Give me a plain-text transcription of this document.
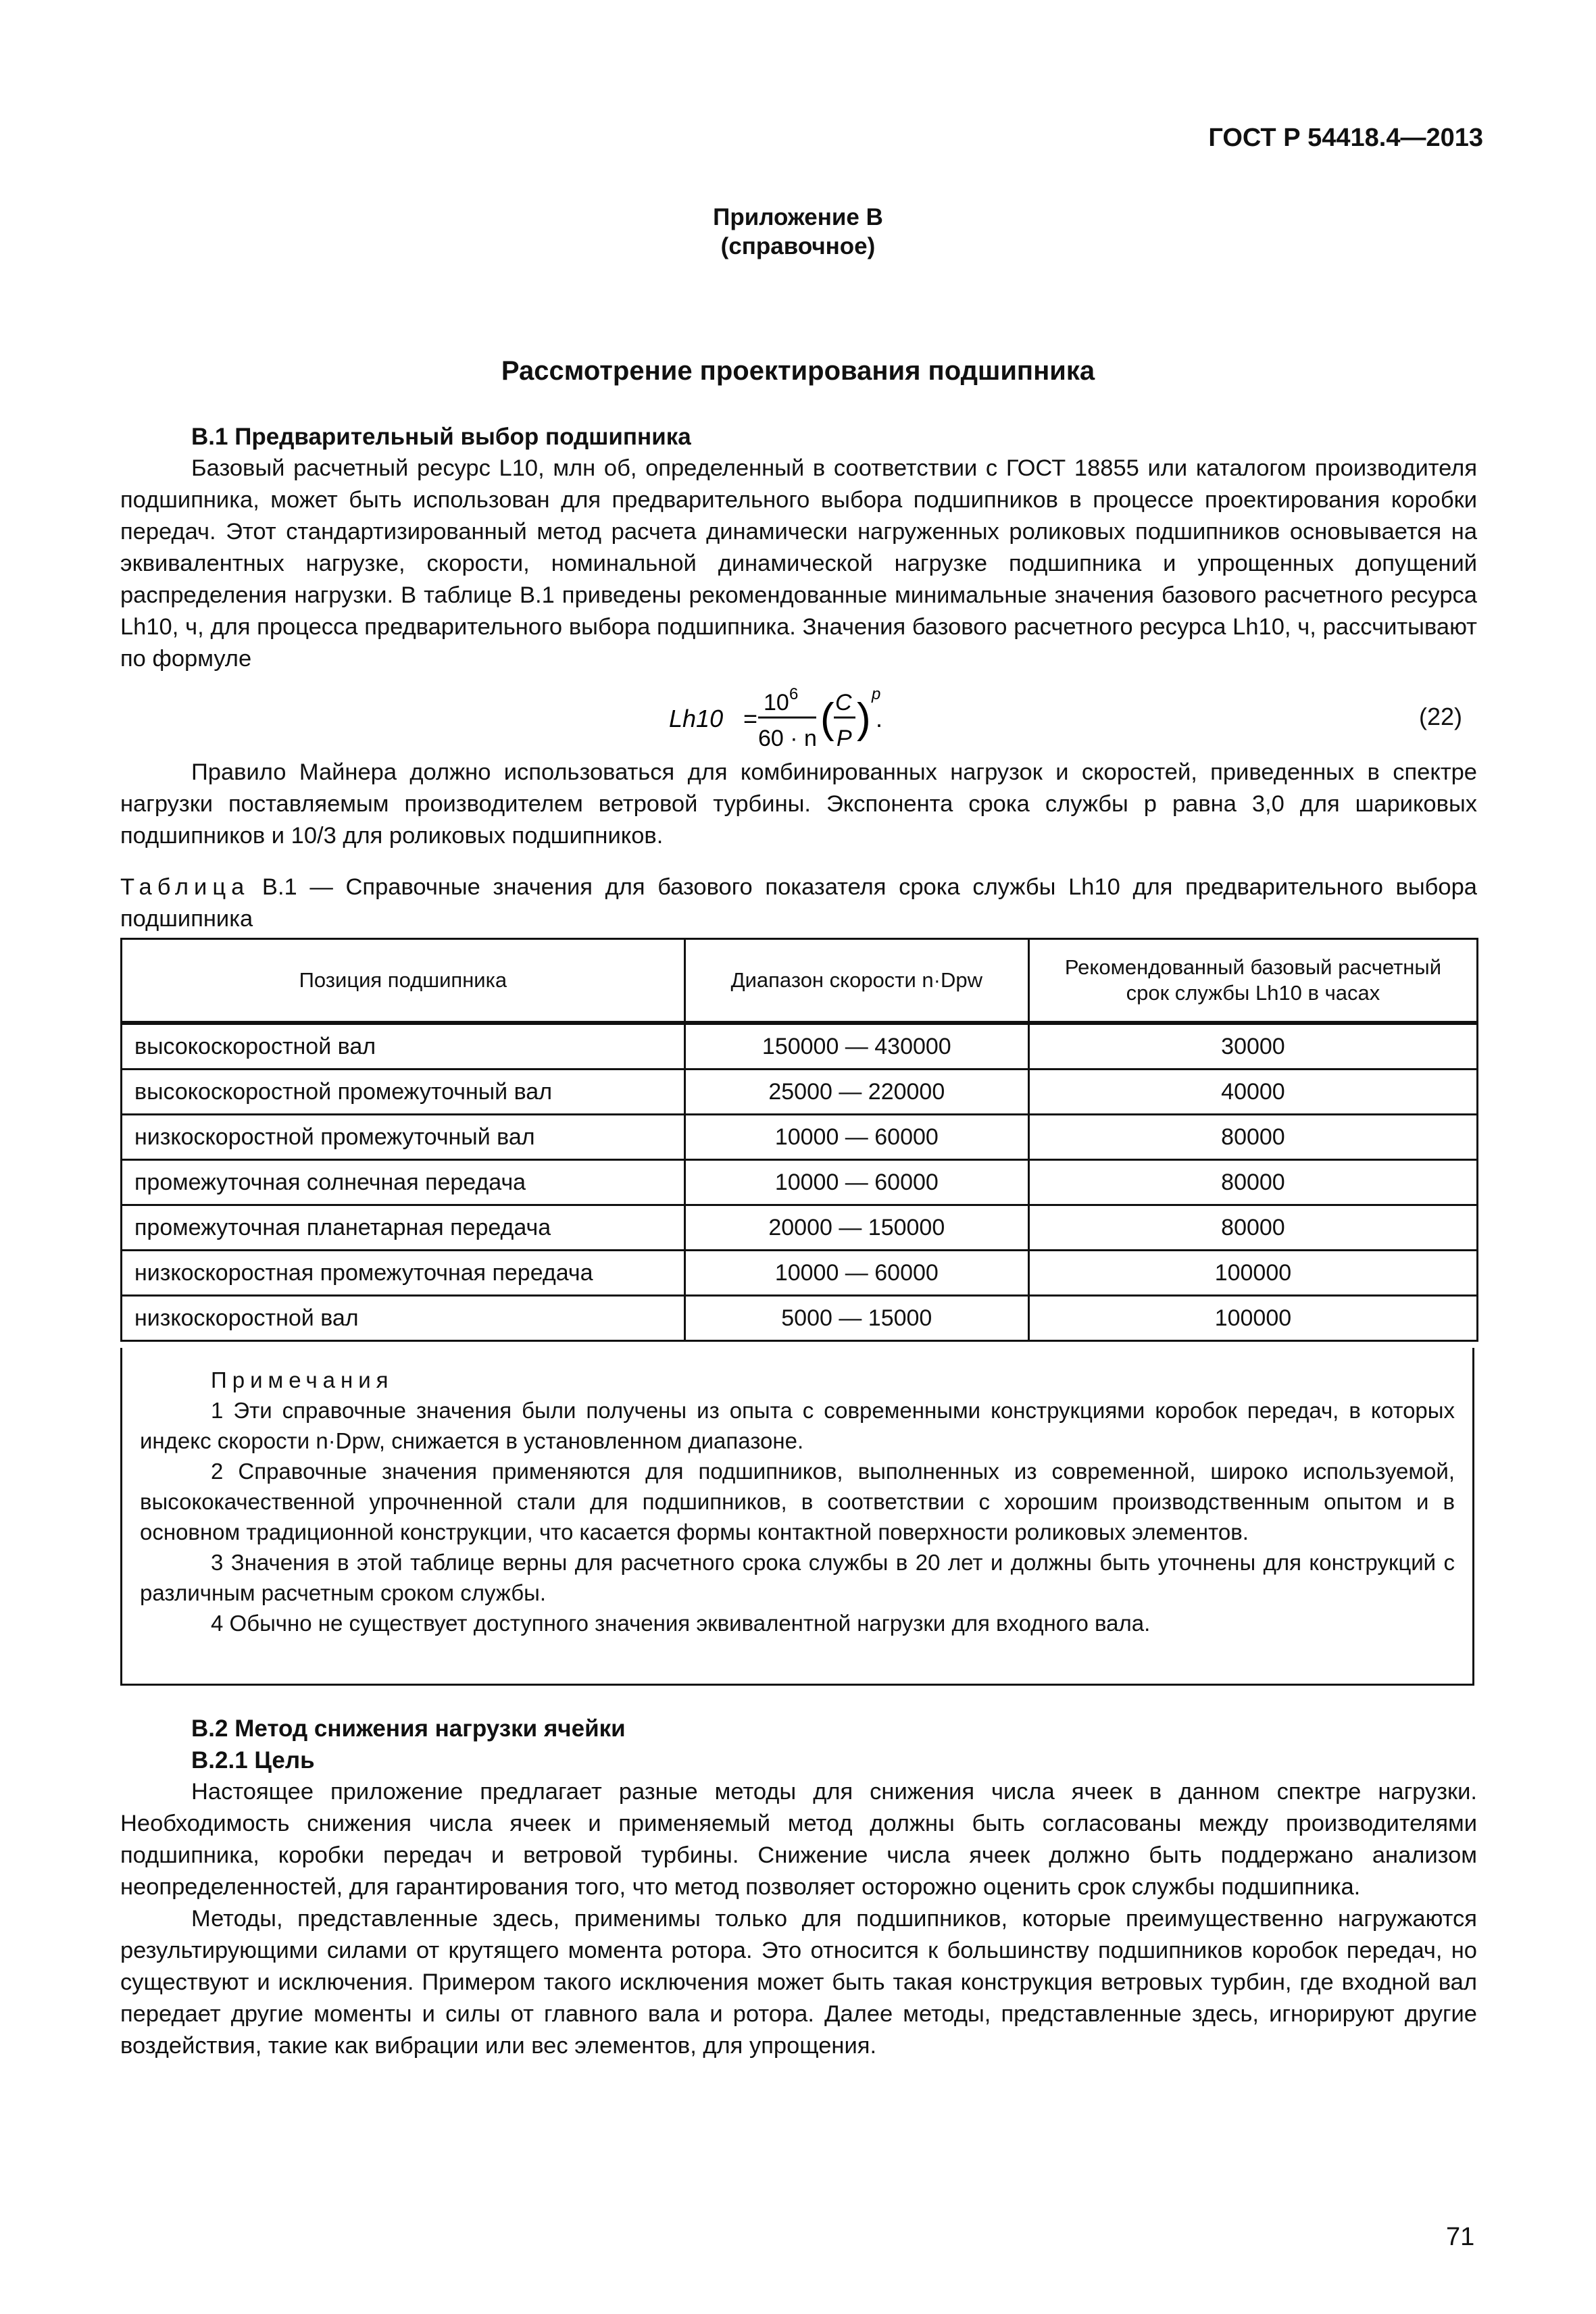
ГОСТ Р 54418.4—2013
Приложение В
(справочное)
Рассмотрение проектирования подшипника

В.1 Предварительный выбор подшипника

Базовый расчетный ресурс L10, млн об, определенный в соответствии с ГОСТ 18855 или каталогом производителя подшипника, может быть использован для предварительного выбора подшипников в процессе проектирования коробки передач. Этот стандартизированный метод расчета динамически нагруженных роликовых подшипников основывается на эквивалентных нагрузке, скорости, номинальной динамической нагрузке подшипника и упрощенных допущений распределения нагрузки. В таблице В.1 приведены рекомендованные минимальные значения базового расчетного ресурса Lh10, ч, для процесса предварительного выбора подшипника. Значения базового расчетного ресурса Lh10, ч, рассчитывают по формуле

Lh10 =
10 6
60 · n ( C
P )
p
.	(22)

Правило Майнера должно использоваться для комбинированных нагрузок и скоростей, приведенных в спектре нагрузки поставляемым производителем ветровой турбины. Экспонента срока службы p равна 3,0 для шариковых подшипников и 10/3 для роликовых подшипников.

Таблица В.1 — Справочные значения для базового показателя срока службы Lh10 для предварительного выбора подшипника

Позиция подшипника	Диапазон скорости n·Dpw	Рекомендованный базовый расчетный срок службы Lh10 в часах
высокоскоростной вал	150000 — 430000	30000
высокоскоростной промежуточный вал	25000 — 220000	40000
низкоскоростной промежуточный вал	10000 — 60000	80000
промежуточная солнечная передача	10000 — 60000	80000
промежуточная планетарная передача	20000 — 150000	80000
низкоскоростная промежуточная передача	10000 — 60000	100000
низкоскоростной вал	5000 — 15000	100000

Примечания

1 Эти справочные значения были получены из опыта с современными конструкциями коробок передач, в которых индекс скорости n·Dpw, снижается в установленном диапазоне.

2 Справочные значения применяются для подшипников, выполненных из современной, широко используемой, высококачественной упрочненной стали для подшипников, в соответствии с хорошим производственным опытом и в основном традиционной конструкции, что касается формы контактной поверхности роликовых элементов.

3 Значения в этой таблице верны для расчетного срока службы в 20 лет и должны быть уточнены для конструкций с различным расчетным сроком службы.

4 Обычно не существует доступного значения эквивалентной нагрузки для входного вала.

В.2 Метод снижения нагрузки ячейки

В.2.1 Цель

Настоящее приложение предлагает разные методы для снижения числа ячеек в данном спектре нагрузки. Необходимость снижения числа ячеек и применяемый метод должны быть согласованы между производителями подшипника, коробки передач и ветровой турбины. Снижение числа ячеек должно быть поддержано анализом неопределенностей, для гарантирования того, что метод позволяет осторожно оценить срок службы подшипника.

Методы, представленные здесь, применимы только для подшипников, которые преимущественно нагружаются результирующими силами от крутящего момента ротора. Это относится к большинству подшипников коробок передач, но существуют и исключения. Примером такого исключения может быть такая конструкция ветровых турбин, где входной вал передает другие моменты и силы от главного вала и ротора. Далее методы, представленные здесь, игнорируют другие воздействия, такие как вибрации или вес элементов, для упрощения.

71
